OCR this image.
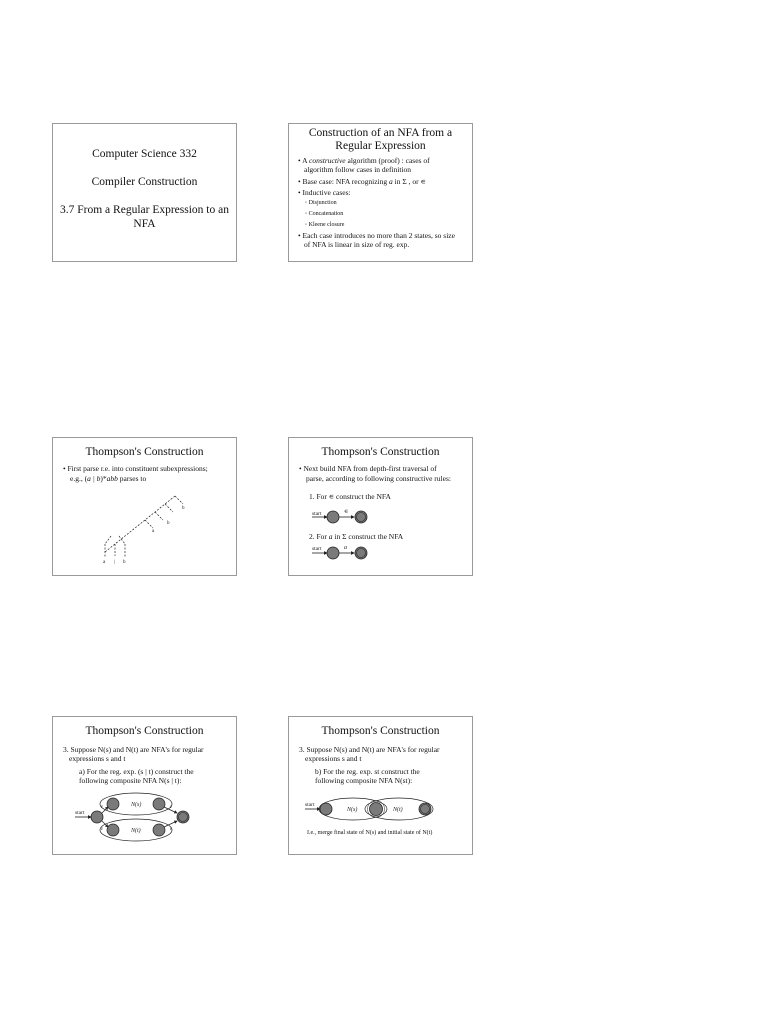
Computer Science 332
Compiler Construction
3.7 From a Regular Expression to an
NFA
Construction of an NFA from a
Regular Expression
• A constructive algorithm (proof) : cases of
algorithm follow cases in definition
• Base case: NFA recognizing a in Σ , or ∊
• Inductive cases:
◦ Disjunction
◦ Concatenation
◦ Kleene closure
• Each case introduces no more than 2 states, so size
of NFA is linear in size of reg. exp.
Thompson's Construction
• First parse r.e. into constituent subexpressions;
e.g., (a | b)*abb parses to
b
b
a
a | b
Thompson's Construction
• Next build NFA from depth-first traversal of
parse, according to following constructive rules:
1. For ∊ construct the NFA
2. For a in Σ construct the NFA
start	∊
start	a
Thompson's Construction
3. Suppose N(s) and N(t) are NFA's for regular
expressions s and t
a) For the reg. exp. (s | t) construct the
following composite NFA N(s | t):
N(s)
N(t)
start
ε
ε
ε
ε
Thompson's Construction
3. Suppose N(s) and N(t) are NFA's for regular
expressions s and t
b) For the reg. exp. st construct the
following composite NFA N(st):
start
N(s)	N(t)
I.e., merge final state of N(s) and initial state of N(t)
